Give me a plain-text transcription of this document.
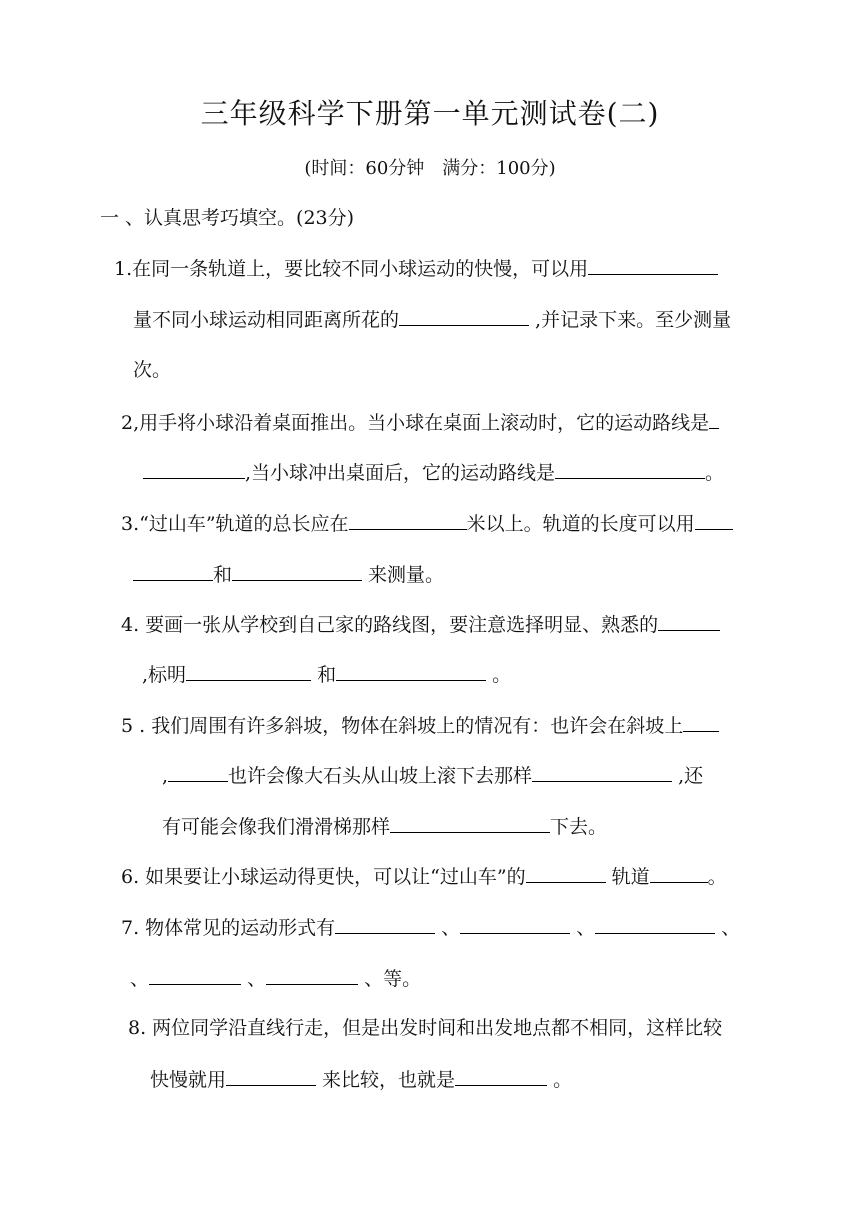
三年级科学下册第一单元测试卷(二)
(时间：60分钟　满分：100分)
一 、认真思考巧填空。(23分)
1.在同一条轨道上，要比较不同小球运动的快慢，可以用
量不同小球运动相同距离所花的	,并记录下来。至少测量
次。
2,用手将小球沿着桌面推出。当小球在桌面上滚动时，它的运动路线是
,当小球冲出桌面后，它的运动路线是	。
3.“过山车”轨道的总长应在	米以上。轨道的长度可以用
和	来测量。
4. 要画一张从学校到自己家的路线图，要注意选择明显、熟悉的
,标明	和	。
5 . 我们周围有许多斜坡，物体在斜坡上的情况有：也许会在斜坡上
,	也许会像大石头从山坡上滚下去那样	,还
有可能会像我们滑滑梯那样	下去。
6. 如果要让小球运动得更快，可以让“过山车”的	轨道	。
7. 物体常见的运动形式有	、	、	、
、	、	、等。
8. 两位同学沿直线行走，但是出发时间和出发地点都不相同，这样比较
快慢就用	来比较，也就是	。
